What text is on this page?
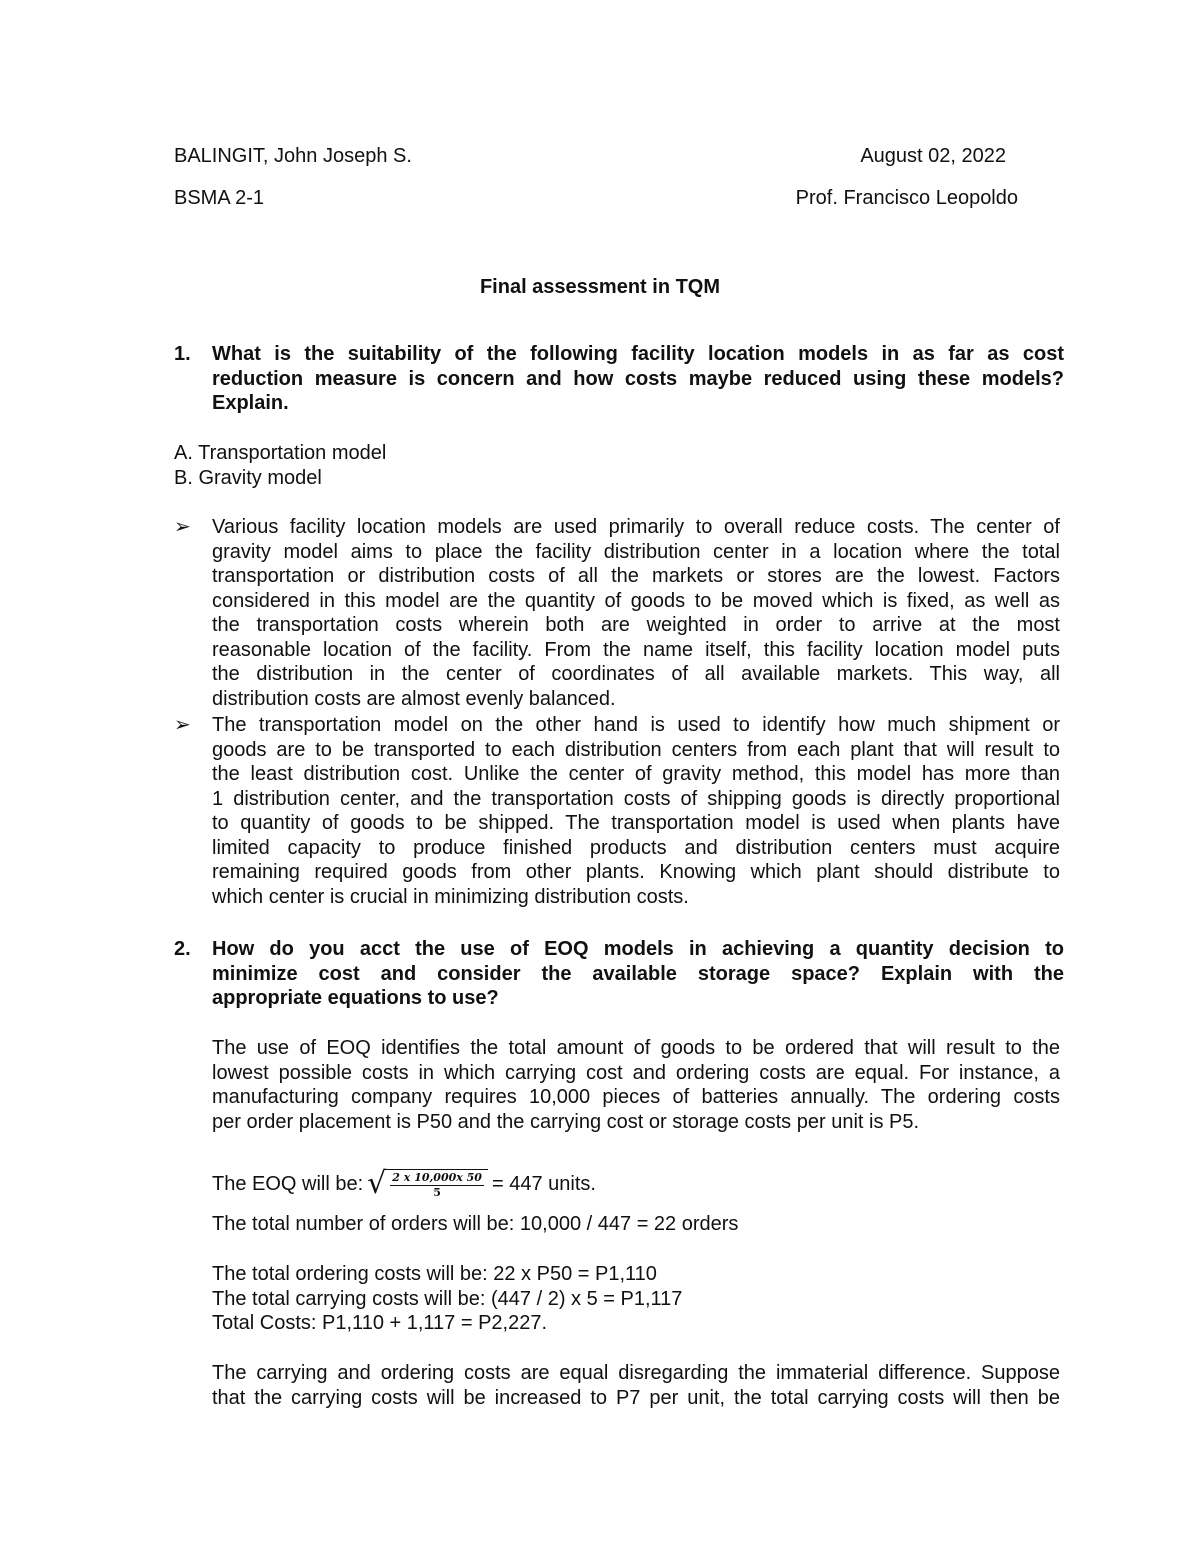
BALINGIT, John Joseph S.	August 02, 2022
BSMA 2-1	Prof. Francisco Leopoldo
Final assessment in TQM
1. What is the suitability of the following facility location models in as far as cost
reduction measure is concern and how costs maybe reduced using these models?
Explain.
A. Transportation model
B. Gravity model
➢ Various facility location models are used primarily to overall reduce costs. The center of
gravity model aims to place the facility distribution center in a location where the total
transportation or distribution costs of all the markets or stores are the lowest. Factors
considered in this model are the quantity of goods to be moved which is fixed, as well as
the transportation costs wherein both are weighted in order to arrive at the most
reasonable location of the facility. From the name itself, this facility location model puts
the distribution in the center of coordinates of all available markets. This way, all
distribution costs are almost evenly balanced.
➢ The transportation model on the other hand is used to identify how much shipment or
goods are to be transported to each distribution centers from each plant that will result to
the least distribution cost. Unlike the center of gravity method, this model has more than
1 distribution center, and the transportation costs of shipping goods is directly proportional
to quantity of goods to be shipped. The transportation model is used when plants have
limited capacity to produce finished products and distribution centers must acquire
remaining required goods from other plants. Knowing which plant should distribute to
which center is crucial in minimizing distribution costs.
2. How do you acct the use of EOQ models in achieving a quantity decision to
minimize cost and consider the available storage space? Explain with the
appropriate equations to use?
The use of EOQ identifies the total amount of goods to be ordered that will result to the
lowest possible costs in which carrying cost and ordering costs are equal. For instance, a
manufacturing company requires 10,000 pieces of batteries annually. The ordering costs
per order placement is P50 and the carrying cost or storage costs per unit is P5.
The EOQ will be: √ $\frac{2 x 10,000x 50}{5} = 447$ units.
The total number of orders will be: 10,000 / 447 = 22 orders
The total ordering costs will be: 22 x P50 = P1,110
The total carrying costs will be: (447 / 2) x 5 = P1,117
Total Costs: P1,110 + 1,117 = P2,227.
The carrying and ordering costs are equal disregarding the immaterial difference. Suppose
that the carrying costs will be increased to P7 per unit, the total carrying costs will then be
